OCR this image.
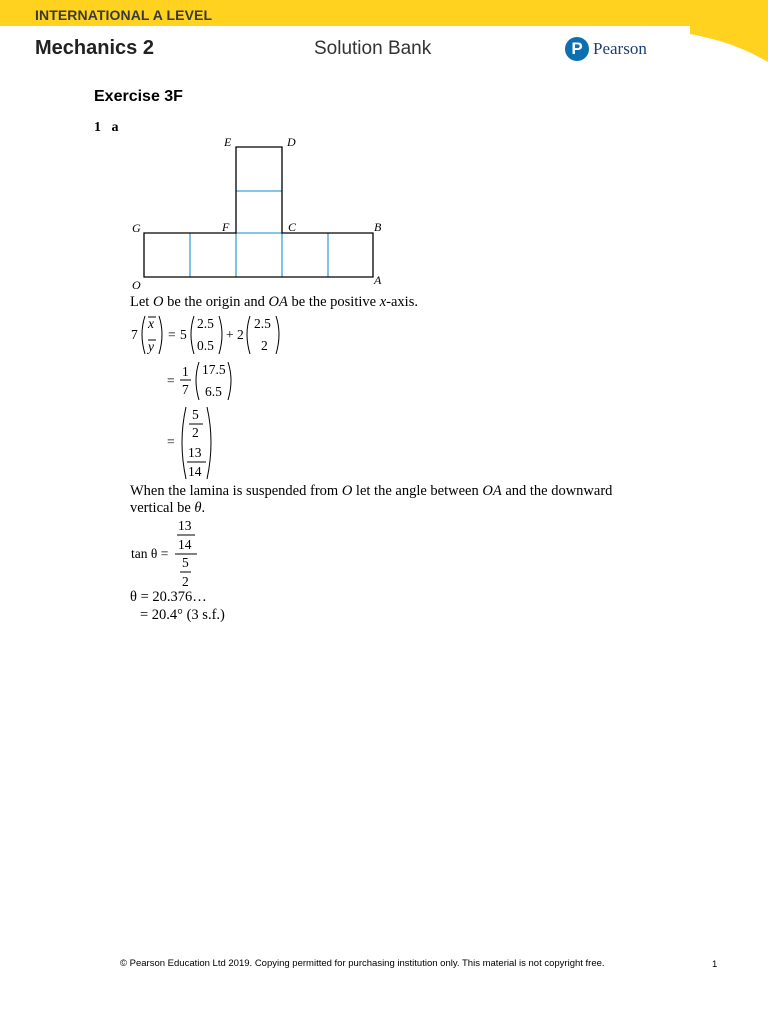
INTERNATIONAL A LEVEL
Mechanics 2	Solution Bank	P Pearson
Exercise 3F
1 a
E	D
G	F	C	B
O	A
Let O be the origin and OA be the positive x-axis.
7
x
y
= 5
2.5
0.5
+ 2
2.5
2
=
1
7
17.5
6.5
=
5
2
13
14
When the lamina is suspended from O let the angle between OA and the downward
vertical be θ.
tan θ =
13
14
5
2
θ = 20.376…
= 20.4° (3 s.f.)
© Pearson Education Ltd 2019. Copying permitted for purchasing institution only. This material is not copyright free.	1
